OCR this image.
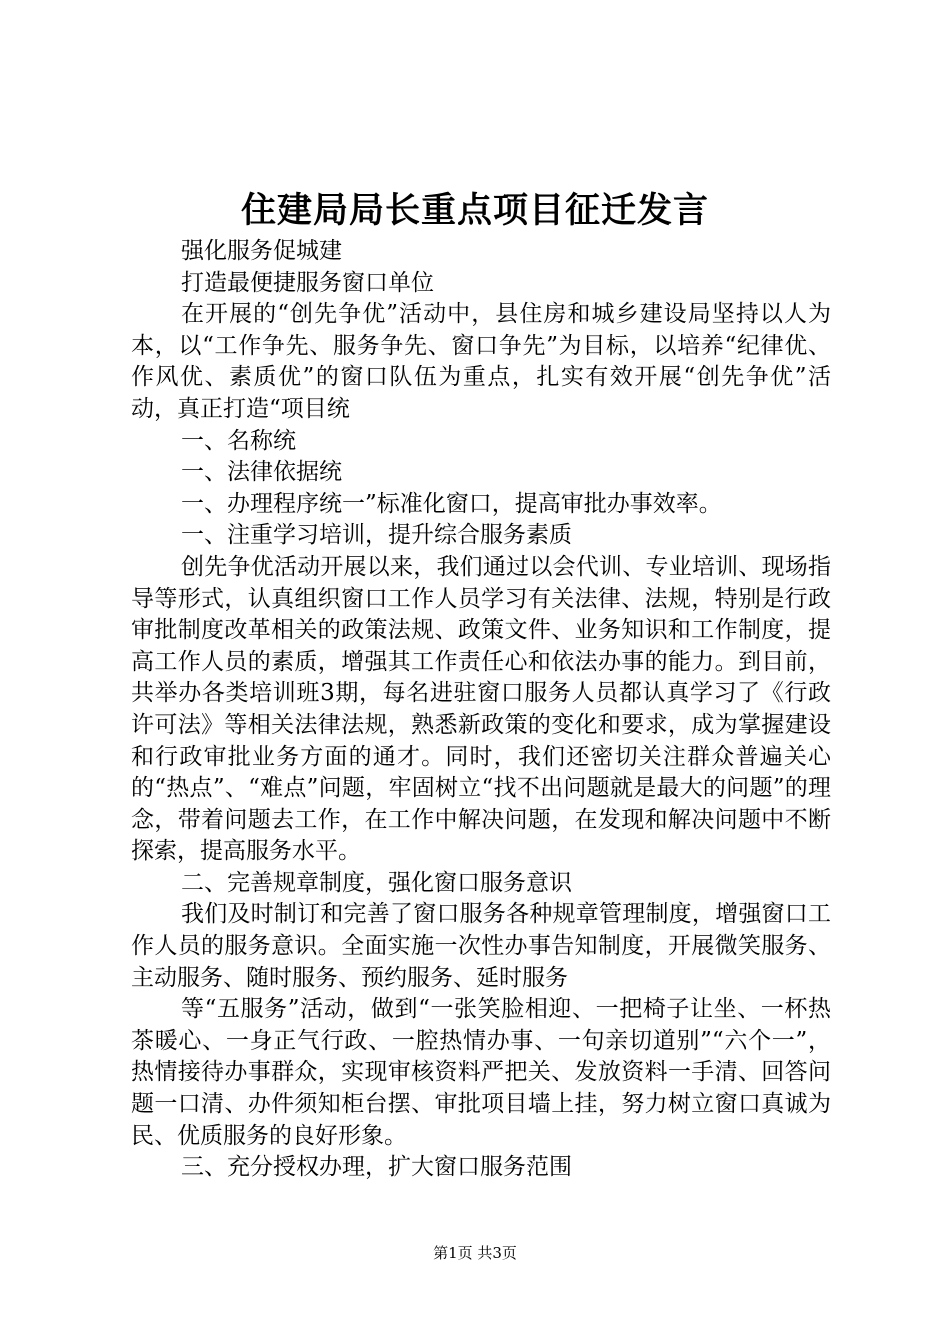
住建局局长重点项目征迁发言

强化服务促城建

打造最便捷服务窗口单位

在开展的“创先争优”活动中，县住房和城乡建设局坚持以人为本，以“工作争先、服务争先、窗口争先”为目标，以培养“纪律优、作风优、素质优”的窗口队伍为重点，扎实有效开展“创先争优”活动，真正打造“项目统

一、名称统

一、法律依据统

一、办理程序统一”标准化窗口，提高审批办事效率。

一、注重学习培训，提升综合服务素质

创先争优活动开展以来，我们通过以会代训、专业培训、现场指导等形式，认真组织窗口工作人员学习有关法律、法规，特别是行政审批制度改革相关的政策法规、政策文件、业务知识和工作制度，提高工作人员的素质，增强其工作责任心和依法办事的能力。到目前，共举办各类培训班3期，每名进驻窗口服务人员都认真学习了《行政许可法》等相关法律法规，熟悉新政策的变化和要求，成为掌握建设和行政审批业务方面的通才。同时，我们还密切关注群众普遍关心的“热点”、“难点”问题，牢固树立“找不出问题就是最大的问题”的理念，带着问题去工作，在工作中解决问题，在发现和解决问题中不断探索，提高服务水平。

二、完善规章制度，强化窗口服务意识

我们及时制订和完善了窗口服务各种规章管理制度，增强窗口工作人员的服务意识。全面实施一次性办事告知制度，开展微笑服务、主动服务、随时服务、预约服务、延时服务

等“五服务”活动，做到“一张笑脸相迎、一把椅子让坐、一杯热茶暖心、一身正气行政、一腔热情办事、一句亲切道别”“六个一”，热情接待办事群众，实现审核资料严把关、发放资料一手清、回答问题一口清、办件须知柜台摆、审批项目墙上挂，努力树立窗口真诚为民、优质服务的良好形象。

三、充分授权办理，扩大窗口服务范围

第1页 共3页
